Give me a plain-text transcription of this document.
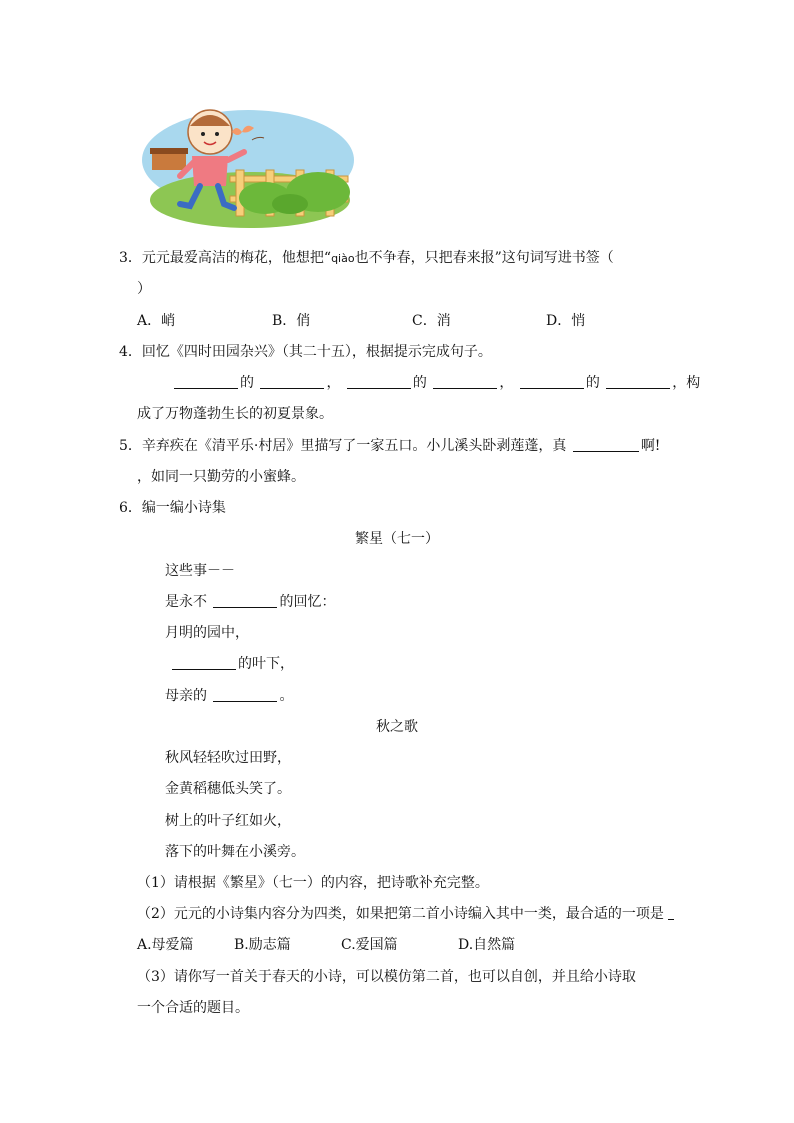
3．元元最爱高洁的梅花，他想把“qiào也不争春，只把春来报”这句词写进书签（
）
A．峭	B．俏	C．消	D．悄
4．回忆《四时田园杂兴》（其二十五），根据提示完成句子。
的	，	的	，	的	，构
成了万物蓬勃生长的初夏景象。
5．辛弃疾在《清平乐·村居》里描写了一家五口。小儿溪头卧剥莲蓬，真	啊!
，如同一只勤劳的小蜜蜂。
6．编一编小诗集
繁星（七一）
这些事－－
是永不	的回忆：
月明的园中，
的叶下，
母亲的	。
秋之歌
秋风轻轻吹过田野，
金黄稻穗低头笑了。
树上的叶子红如火，
落下的叶舞在小溪旁。
（1）请根据《繁星》（七一）的内容，把诗歌补充完整。
（2）元元的小诗集内容分为四类，如果把第二首小诗编入其中一类，最合适的一项是
A.母爱篇	B.励志篇	C.爱国篇	D.自然篇
（3）请你写一首关于春天的小诗，可以模仿第二首，也可以自创，并且给小诗取
一个合适的题目。
